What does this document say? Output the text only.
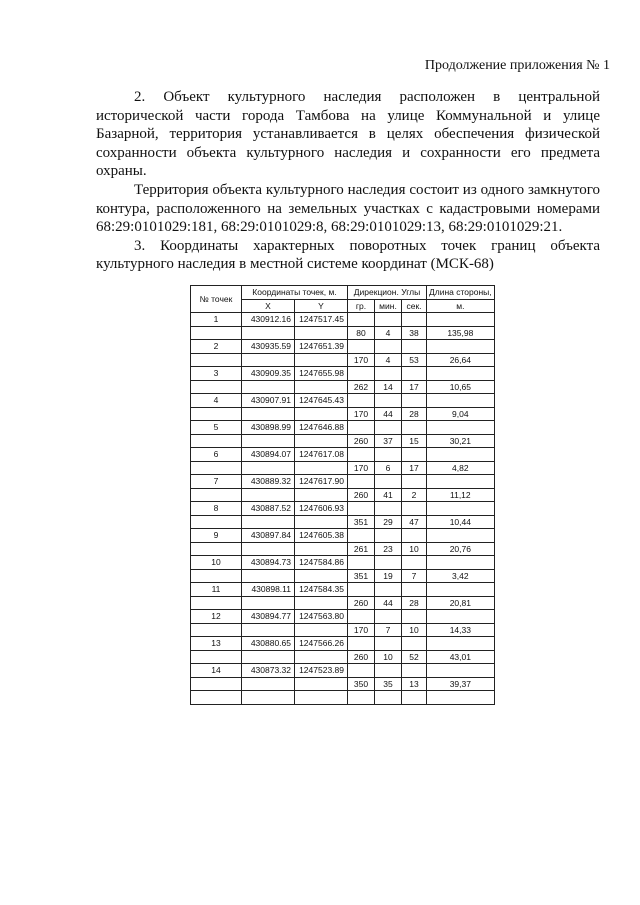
Продолжение приложения № 1

2. Объект культурного наследия расположен в центральной исторической части города Тамбова на улице Коммунальной и улице Базарной, территория устанавливается в целях обеспечения физической сохранности объекта культурного наследия и сохранности его предмета охраны.

Территория объекта культурного наследия состоит из одного замкнутого контура, расположенного на земельных участках с кадастровыми номерами 68:29:0101029:181, 68:29:0101029:8, 68:29:0101029:13, 68:29:0101029:21.

3. Координаты характерных поворотных точек границ объекта культурного наследия в местной системе координат (МСК-68)

№ точек	Координаты точек, м.		Дирекцион. Углы			Длина стороны,
	X	Y	гр.	мин.	сек.	м.
1	430912.16	1247517.45				
			80	4	38	135,98
2	430935.59	1247651.39				
			170	4	53	26,64
3	430909.35	1247655.98				
			262	14	17	10,65
4	430907.91	1247645.43				
			170	44	28	9,04
5	430898.99	1247646.88				
			260	37	15	30,21
6	430894.07	1247617.08				
			170	6	17	4,82
7	430889.32	1247617.90				
			260	41	2	11,12
8	430887.52	1247606.93				
			351	29	47	10,44
9	430897.84	1247605.38				
			261	23	10	20,76
10	430894.73	1247584.86				
			351	19	7	3,42
11	430898.11	1247584.35				
			260	44	28	20,81
12	430894.77	1247563.80				
			170	7	10	14,33
13	430880.65	1247566.26				
			260	10	52	43,01
14	430873.32	1247523.89				
			350	35	13	39,37
